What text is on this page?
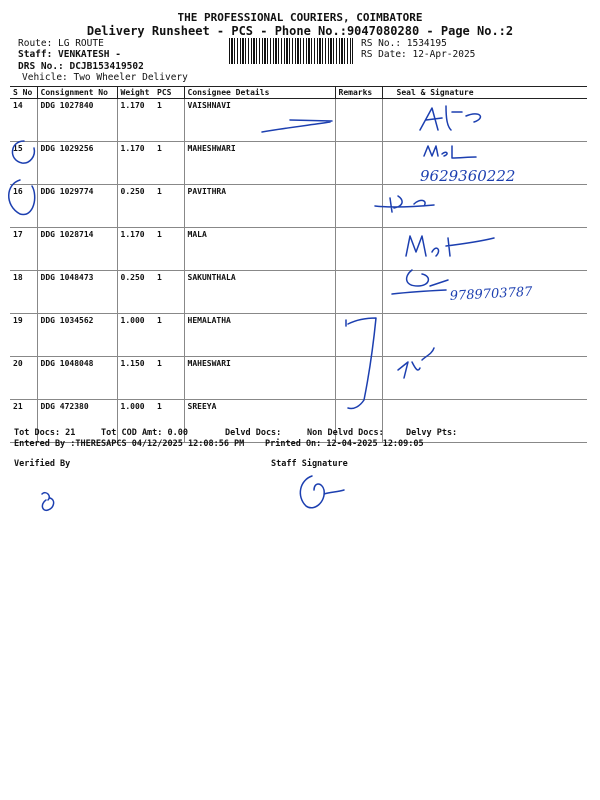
THE PROFESSIONAL COURIERS, COIMBATORE
Delivery Runsheet - PCS - Phone No.:9047080280 - Page No.:2
Route: LG ROUTE
Staff: VENKATESH -
DRS No.: DCJB153419502
Vehicle: Two Wheeler Delivery
RS No.: 1534195
RS Date: 12-Apr-2025
S No	Consignment No	Weight	PCS	Consignee Details	Remarks	Seal & Signature
14	DDG 1027840	1.170	1	VAISHNAVI		
15	DDG 1029256	1.170	1	MAHESHWARI		
16	DDG 1029774	0.250	1	PAVITHRA		
17	DDG 1028714	1.170	1	MALA		
18	DDG 1048473	0.250	1	SAKUNTHALA		
19	DDG 1034562	1.000	1	HEMALATHA		
20	DDG 1048048	1.150	1	MAHESWARI		
21	DDG 472380	1.000	1	SREEYA		
Tot Docs: 21	Tot COD Amt: 0.00	Delvd Docs:	Non Delvd Docs:	Delvy Pts:
Entered By :THERESAPCS 04/12/2025 12:08:56 PM Printed On: 12-04-2025 12:09:05
Verified By	Staff Signature
9629360222
9789703787
